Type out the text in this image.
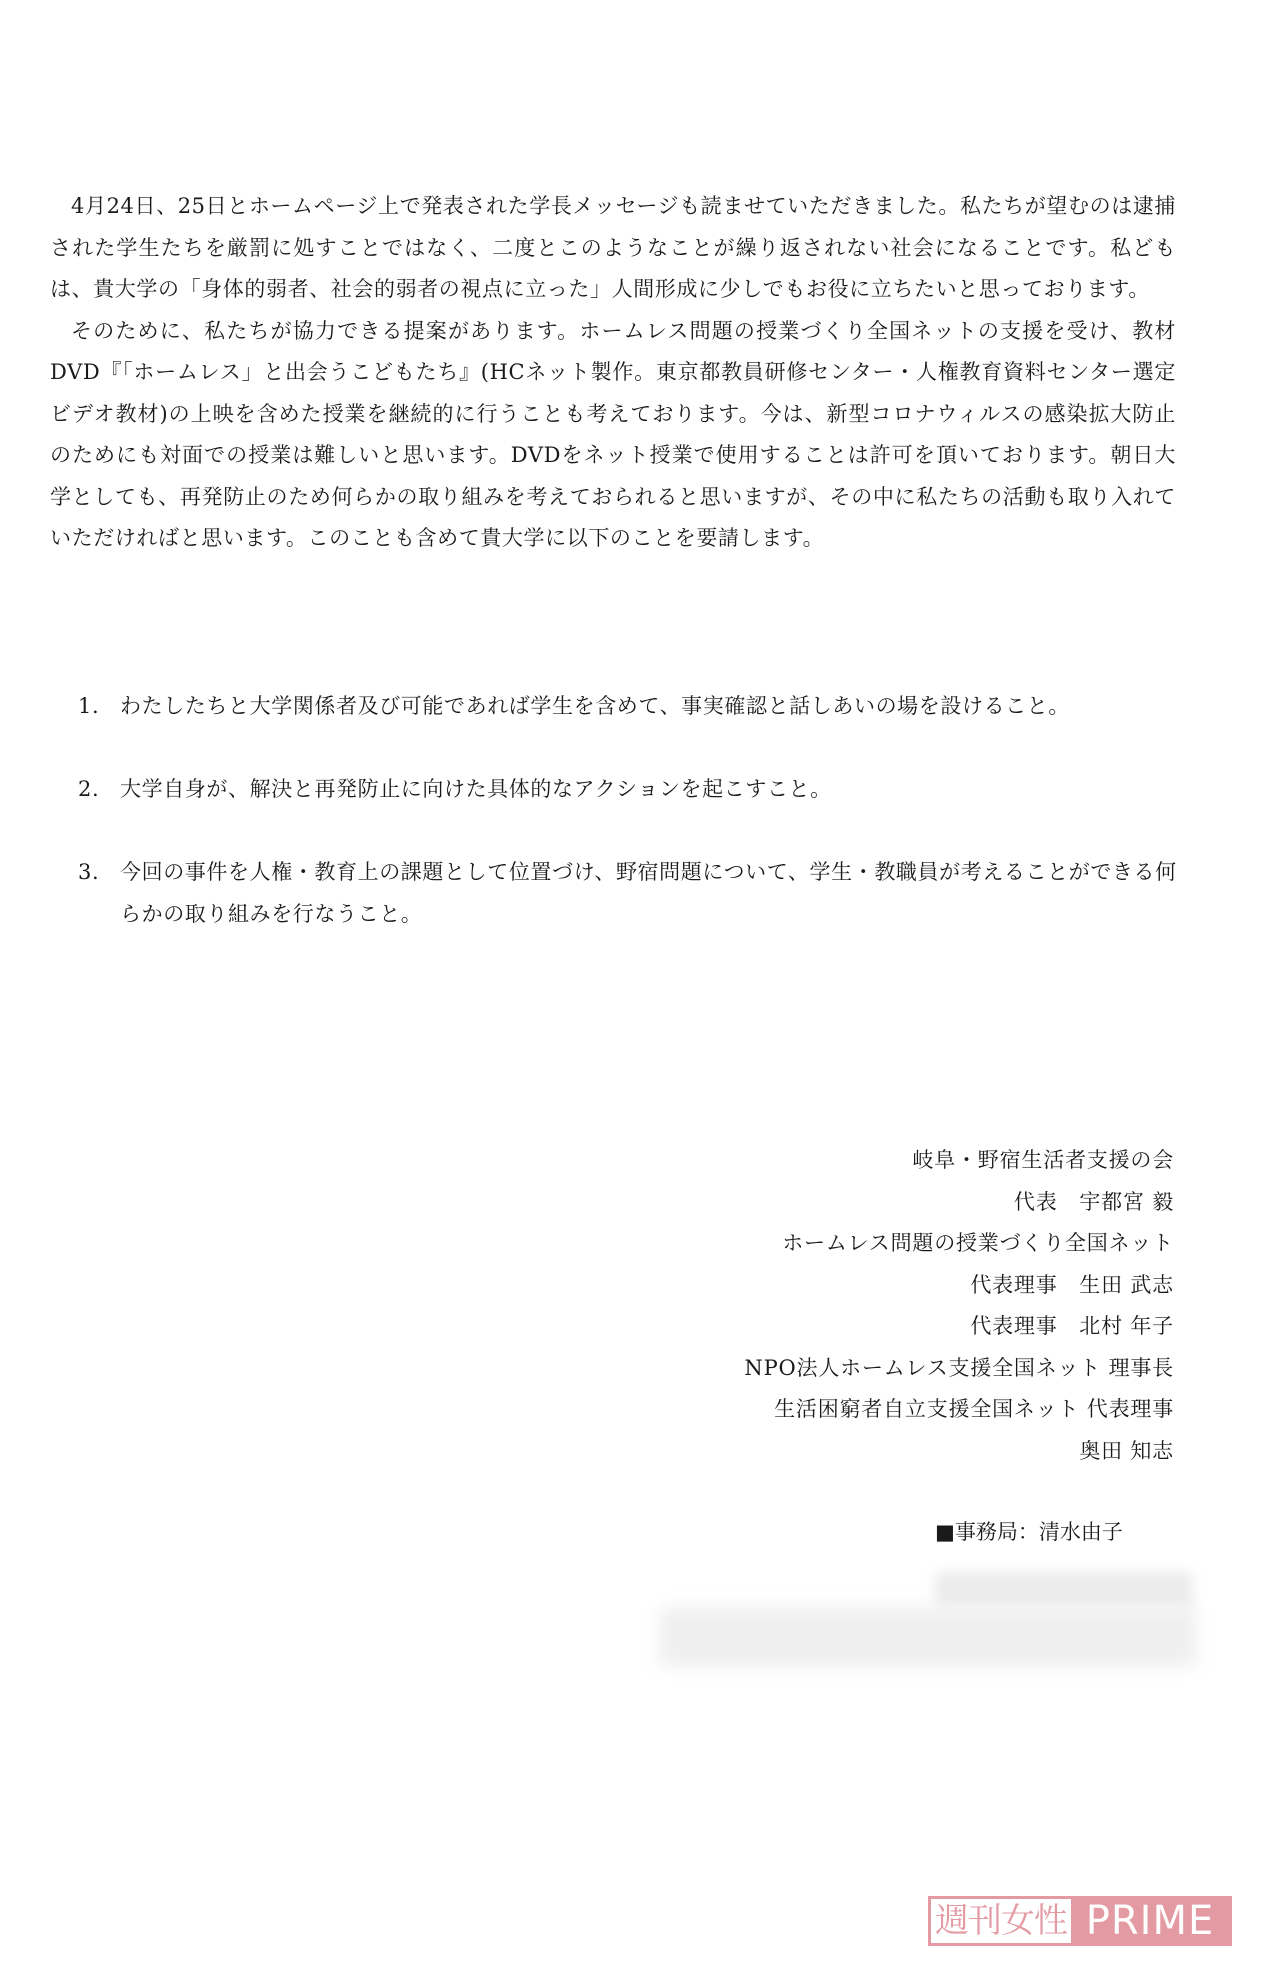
4月24日、25日とホームページ上で発表された学長メッセージも読ませていただきました。私たちが望むのは逮捕された学生たちを厳罰に処すことではなく、二度とこのようなことが繰り返されない社会になることです。私どもは、貴大学の「身体的弱者、社会的弱者の視点に立った」人間形成に少しでもお役に立ちたいと思っております。

そのために、私たちが協力できる提案があります。ホームレス問題の授業づくり全国ネットの支援を受け、教材DVD『「ホームレス」と出会うこどもたち』(HCネット製作。東京都教員研修センター・人権教育資料センター選定ビデオ教材)の上映を含めた授業を継続的に行うことも考えております。今は、新型コロナウィルスの感染拡大防止のためにも対面での授業は難しいと思います。DVDをネット授業で使用することは許可を頂いております。朝日大学としても、再発防止のため何らかの取り組みを考えておられると思いますが、その中に私たちの活動も取り入れていただければと思います。このことも含めて貴大学に以下のことを要請します。

1. わたしたちと大学関係者及び可能であれば学生を含めて、事実確認と話しあいの場を設けること。
2. 大学自身が、解決と再発防止に向けた具体的なアクションを起こすこと。
3. 今回の事件を人権・教育上の課題として位置づけ、野宿問題について、学生・教職員が考えることができる何らかの取り組みを行なうこと。
岐阜・野宿生活者支援の会
代表　宇都宮 毅
ホームレス問題の授業づくり全国ネット
代表理事　生田 武志
代表理事　北村 年子
NPO法人ホームレス支援全国ネット 理事長
生活困窮者自立支援全国ネット 代表理事
奥田 知志
■事務局：清水由子
週刊女性 PRIME
